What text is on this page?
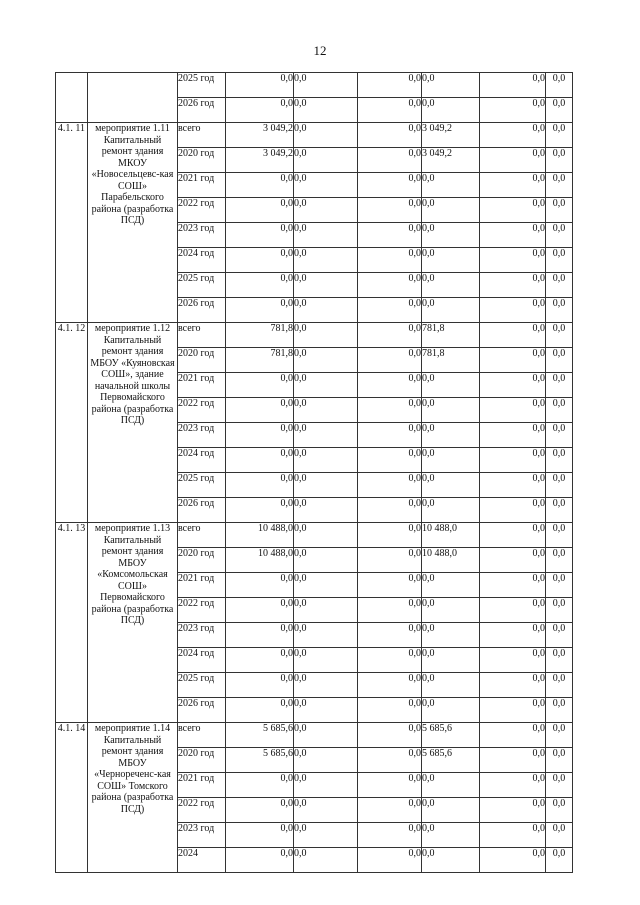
12
		2025 год	0,0	0,0	0,0	0,0	0,0	0,0
		2026 год	0,0	0,0	0,0	0,0	0,0	0,0
4.1. 11	мероприятие 1.11 Капитальный ремонт здания МКОУ «Новосельцевс-кая СОШ» Парабельского района (разработка ПСД)	всего	3 049,2	0,0	0,0	3 049,2	0,0	0,0
		2020 год	3 049,2	0,0	0,0	3 049,2	0,0	0,0
		2021 год	0,0	0,0	0,0	0,0	0,0	0,0
		2022 год	0,0	0,0	0,0	0,0	0,0	0,0
		2023 год	0,0	0,0	0,0	0,0	0,0	0,0
		2024 год	0,0	0,0	0,0	0,0	0,0	0,0
		2025 год	0,0	0,0	0,0	0,0	0,0	0,0
		2026 год	0,0	0,0	0,0	0,0	0,0	0,0
4.1. 12	мероприятие 1.12 Капитальный ремонт здания МБОУ «Куяновская СОШ», здание начальной школы Первомайского района (разработка ПСД)	всего	781,8	0,0	0,0	781,8	0,0	0,0
		2020 год	781,8	0,0	0,0	781,8	0,0	0,0
		2021 год	0,0	0,0	0,0	0,0	0,0	0,0
		2022 год	0,0	0,0	0,0	0,0	0,0	0,0
		2023 год	0,0	0,0	0,0	0,0	0,0	0,0
		2024 год	0,0	0,0	0,0	0,0	0,0	0,0
		2025 год	0,0	0,0	0,0	0,0	0,0	0,0
		2026 год	0,0	0,0	0,0	0,0	0,0	0,0
4.1. 13	мероприятие 1.13 Капитальный ремонт здания МБОУ «Комсомольская СОШ» Первомайского района (разработка ПСД)	всего	10 488,0	0,0	0,0	10 488,0	0,0	0,0
		2020 год	10 488,0	0,0	0,0	10 488,0	0,0	0,0
		2021 год	0,0	0,0	0,0	0,0	0,0	0,0
		2022 год	0,0	0,0	0,0	0,0	0,0	0,0
		2023 год	0,0	0,0	0,0	0,0	0,0	0,0
		2024 год	0,0	0,0	0,0	0,0	0,0	0,0
		2025 год	0,0	0,0	0,0	0,0	0,0	0,0
		2026 год	0,0	0,0	0,0	0,0	0,0	0,0
4.1. 14	мероприятие 1.14 Капитальный ремонт здания МБОУ «Чернореченс-кая СОШ» Томского района (разработка ПСД)	всего	5 685,6	0,0	0,0	5 685,6	0,0	0,0
		2020 год	5 685,6	0,0	0,0	5 685,6	0,0	0,0
		2021 год	0,0	0,0	0,0	0,0	0,0	0,0
		2022 год	0,0	0,0	0,0	0,0	0,0	0,0
		2023 год	0,0	0,0	0,0	0,0	0,0	0,0
		2024	0,0	0,0	0,0	0,0	0,0	0,0
